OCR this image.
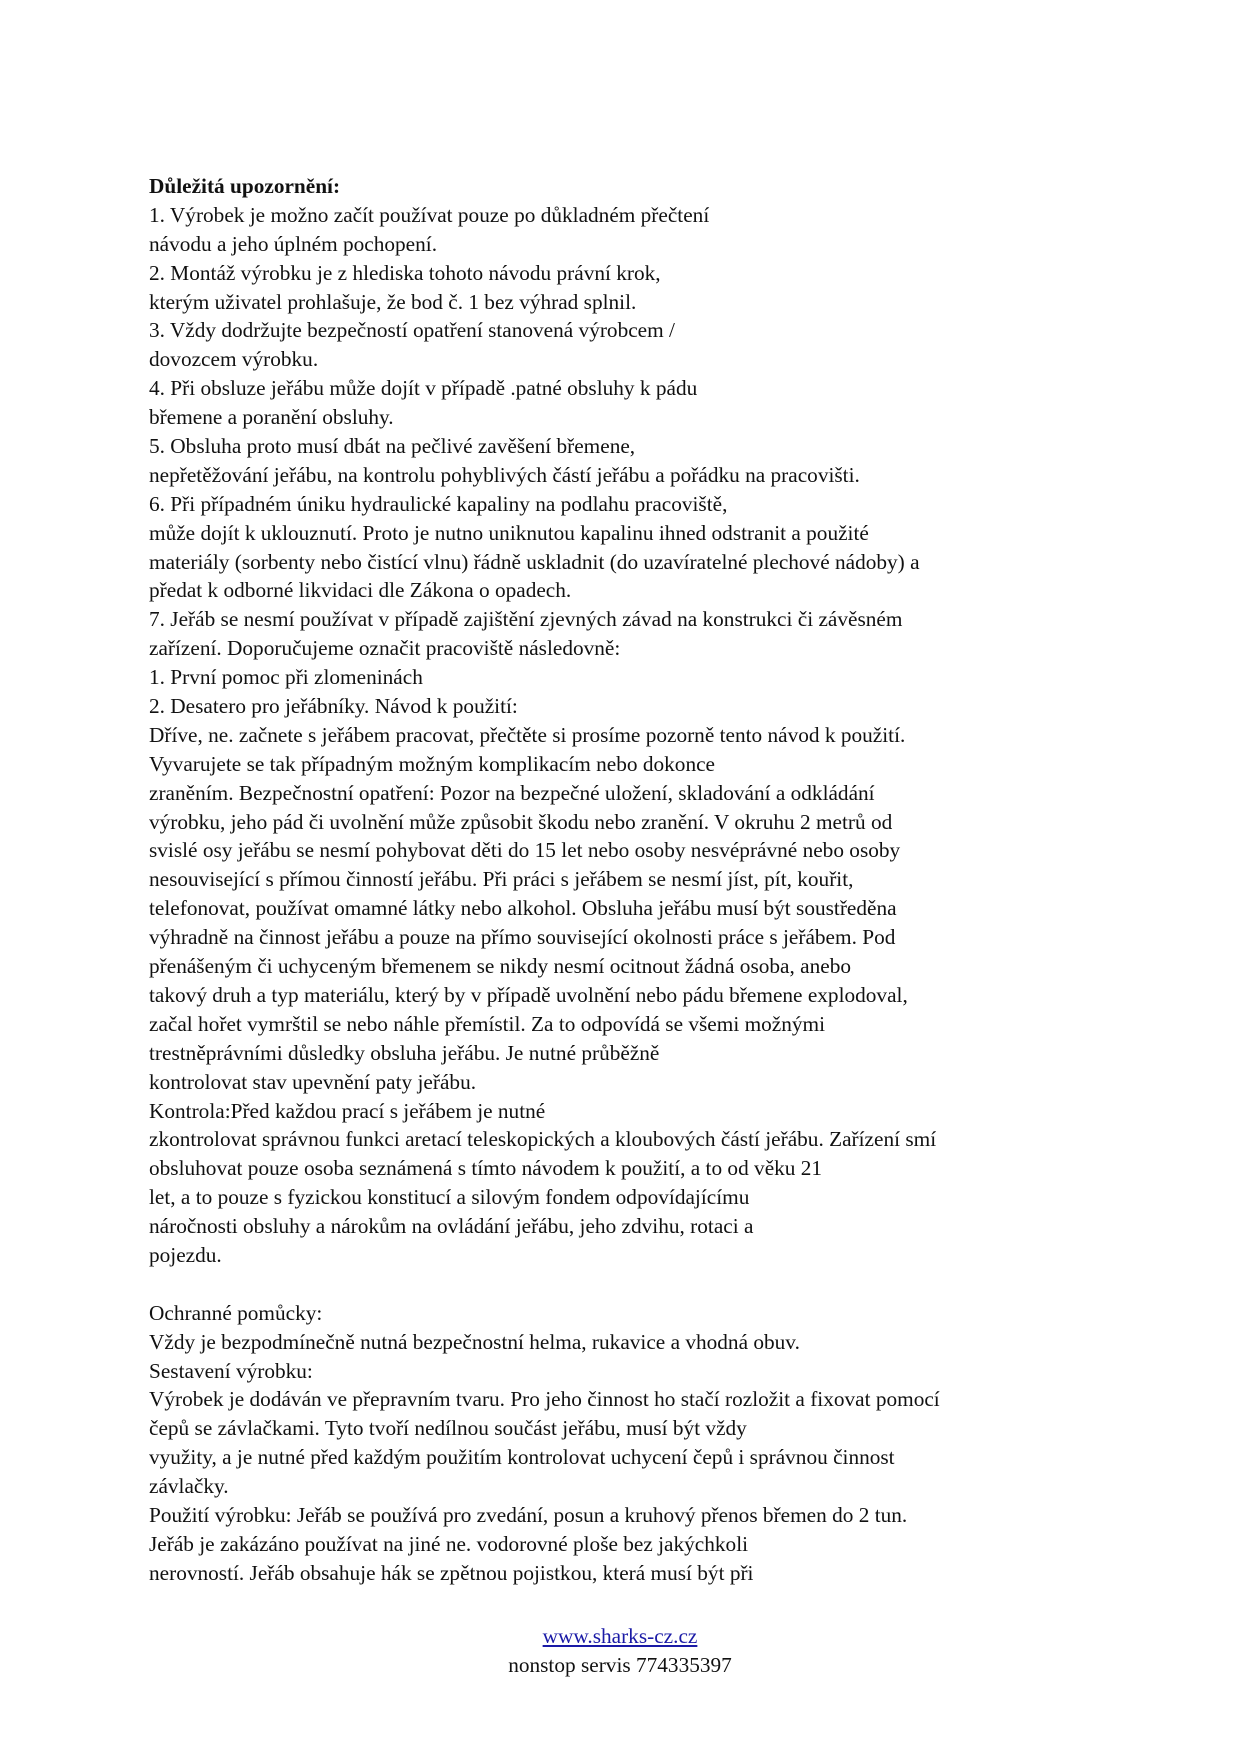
Důležitá upozornění:
1. Výrobek je možno začít používat pouze po důkladném přečtení
návodu a jeho úplném pochopení.
2. Montáž výrobku je z hlediska tohoto návodu právní krok,
kterým uživatel prohlašuje, že bod č. 1 bez výhrad splnil.
3. Vždy dodržujte bezpečností opatření stanovená výrobcem /
dovozcem výrobku.
4. Při obsluze jeřábu může dojít v případě .patné obsluhy k pádu
břemene a poranění obsluhy.
5. Obsluha proto musí dbát na pečlivé zavěšení břemene,
nepřetěžování jeřábu, na kontrolu pohyblivých částí jeřábu a pořádku na pracovišti.
6. Při případném úniku hydraulické kapaliny na podlahu pracoviště,
může dojít k uklouznutí. Proto je nutno uniknutou kapalinu ihned odstranit a použité
materiály (sorbenty nebo čistící vlnu) řádně uskladnit (do uzavíratelné plechové nádoby) a
předat k odborné likvidaci dle Zákona o opadech.
7. Jeřáb se nesmí používat v případě zajištění zjevných závad na konstrukci či závěsném
zařízení. Doporučujeme označit pracoviště následovně:
1. První pomoc při zlomeninách
2. Desatero pro jeřábníky. Návod k použití:
Dříve, ne. začnete s jeřábem pracovat, přečtěte si prosíme pozorně tento návod k použití.
Vyvarujete se tak případným možným komplikacím nebo dokonce
zraněním. Bezpečnostní opatření: Pozor na bezpečné uložení, skladování a odkládání
výrobku, jeho pád či uvolnění může způsobit škodu nebo zranění. V okruhu 2 metrů od
svislé osy jeřábu se nesmí pohybovat děti do 15 let nebo osoby nesvéprávné nebo osoby
nesouvisející s přímou činností jeřábu. Při práci s jeřábem se nesmí jíst, pít, kouřit,
telefonovat, používat omamné látky nebo alkohol. Obsluha jeřábu musí být soustředěna
výhradně na činnost jeřábu a pouze na přímo související okolnosti práce s jeřábem. Pod
přenášeným či uchyceným břemenem se nikdy nesmí ocitnout žádná osoba, anebo
takový druh a typ materiálu, který by v případě uvolnění nebo pádu břemene explodoval,
začal hořet vymrštil se nebo náhle přemístil. Za to odpovídá se všemi možnými
trestněprávními důsledky obsluha jeřábu. Je nutné průběžně
kontrolovat stav upevnění paty jeřábu.
Kontrola:Před každou prací s jeřábem je nutné
zkontrolovat správnou funkci aretací teleskopických a kloubových částí jeřábu. Zařízení smí
obsluhovat pouze osoba seznámená s tímto návodem k použití, a to od věku 21
let, a to pouze s fyzickou konstitucí a silovým fondem odpovídajícímu
náročnosti obsluhy a nárokům na ovládání jeřábu, jeho zdvihu, rotaci a
pojezdu.
Ochranné pomůcky:
Vždy je bezpodmínečně nutná bezpečnostní helma, rukavice a vhodná obuv.
Sestavení výrobku:
Výrobek je dodáván ve přepravním tvaru. Pro jeho činnost ho stačí rozložit a fixovat pomocí
čepů se závlačkami. Tyto tvoří nedílnou součást jeřábu, musí být vždy
využity, a je nutné před každým použitím kontrolovat uchycení čepů i správnou činnost
závlačky.
Použití výrobku: Jeřáb se používá pro zvedání, posun a kruhový přenos břemen do 2 tun.
Jeřáb je zakázáno používat na jiné ne. vodorovné ploše bez jakýchkoli
nerovností. Jeřáb obsahuje hák se zpětnou pojistkou, která musí být při
www.sharks-cz.cz
nonstop servis 774335397
